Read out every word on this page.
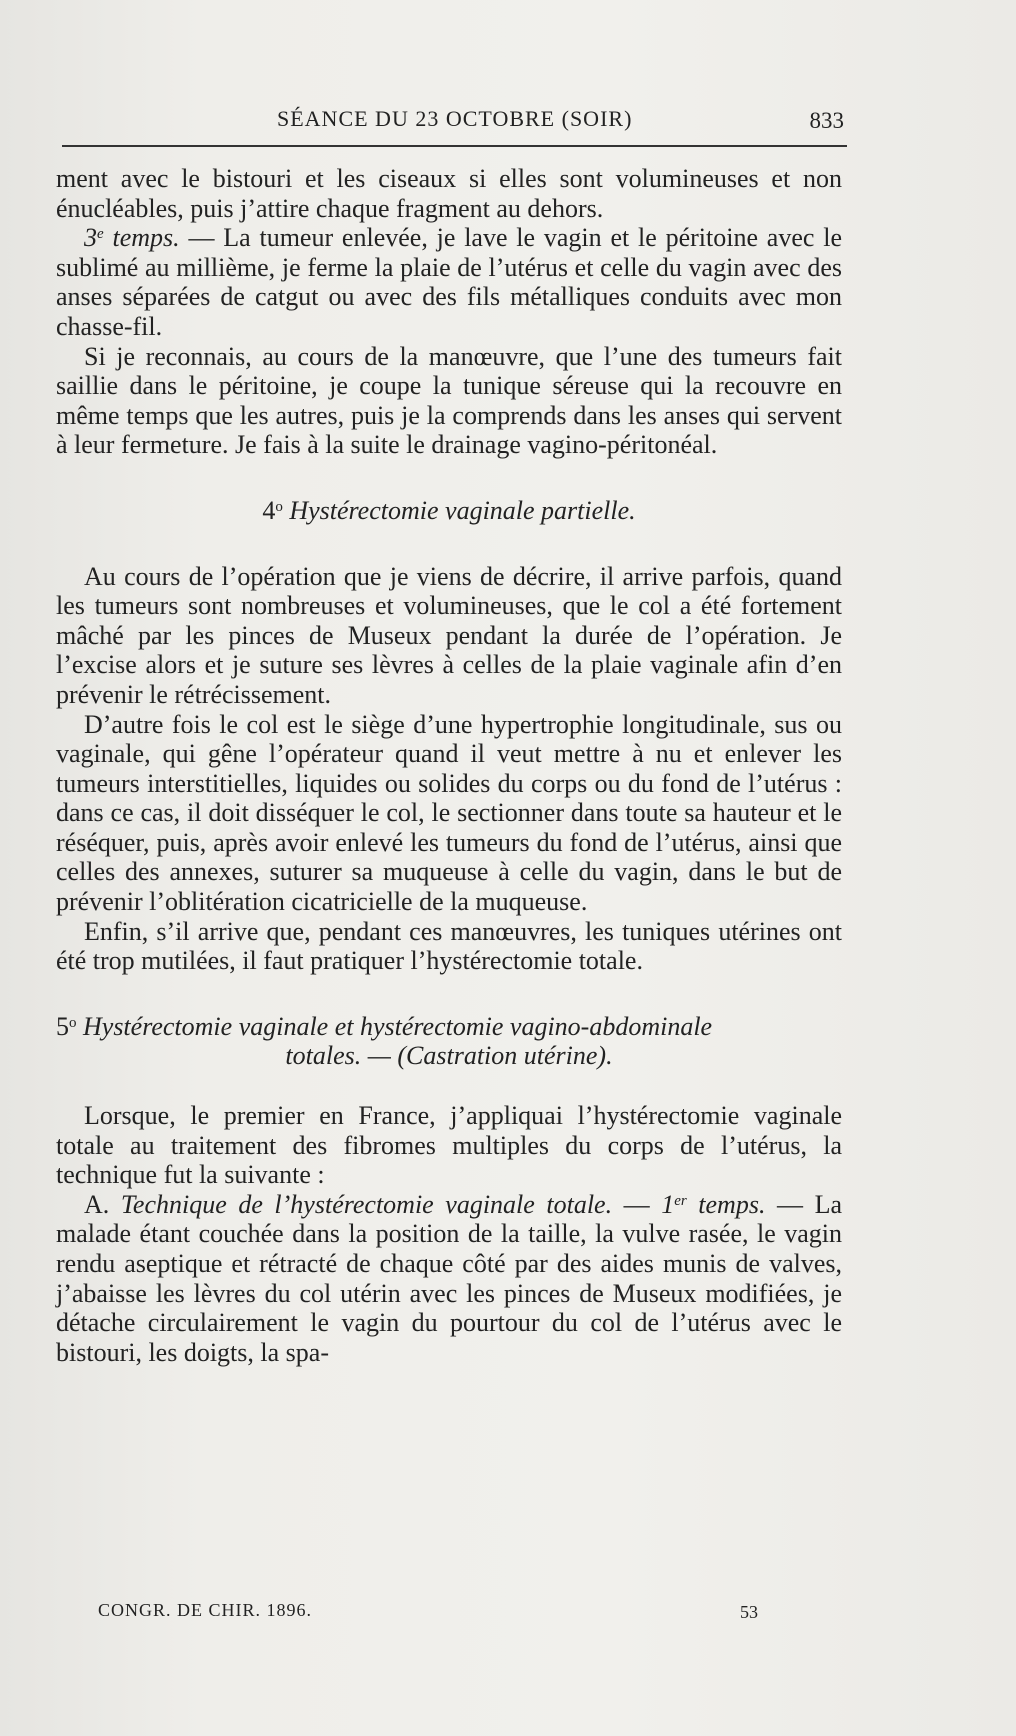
SÉANCE DU 23 OCTOBRE (SOIR)	833

ment avec le bistouri et les ciseaux si elles sont volumineuses et non énucléables, puis j’attire chaque fragment au dehors.

3e temps. — La tumeur enlevée, je lave le vagin et le péritoine avec le sublimé au millième, je ferme la plaie de l’utérus et celle du vagin avec des anses séparées de catgut ou avec des fils métalliques conduits avec mon chasse-fil.

Si je reconnais, au cours de la manœuvre, que l’une des tumeurs fait saillie dans le péritoine, je coupe la tunique séreuse qui la recouvre en même temps que les autres, puis je la comprends dans les anses qui servent à leur fermeture. Je fais à la suite le drainage vagino-péritonéal.

4$^o$ Hystérectomie vaginale partielle.

Au cours de l’opération que je viens de décrire, il arrive parfois, quand les tumeurs sont nombreuses et volumineuses, que le col a été fortement mâché par les pinces de Museux pendant la durée de l’opération. Je l’excise alors et je suture ses lèvres à celles de la plaie vaginale afin d’en prévenir le rétrécissement.

D’autre fois le col est le siège d’une hypertrophie longitudinale, sus ou vaginale, qui gêne l’opérateur quand il veut mettre à nu et enlever les tumeurs interstitielles, liquides ou solides du corps ou du fond de l’utérus : dans ce cas, il doit disséquer le col, le sectionner dans toute sa hauteur et le réséquer, puis, après avoir enlevé les tumeurs du fond de l’utérus, ainsi que celles des annexes, suturer sa muqueuse à celle du vagin, dans le but de prévenir l’oblitération cicatricielle de la muqueuse.

Enfin, s’il arrive que, pendant ces manœuvres, les tuniques utérines ont été trop mutilées, il faut pratiquer l’hystérectomie totale.

5$^o$ Hystérectomie vaginale et hystérectomie vagino-abdominale

totales. — (Castration utérine).

Lorsque, le premier en France, j’appliquai l’hystérectomie vaginale totale au traitement des fibromes multiples du corps de l’utérus, la technique fut la suivante :

A. Technique de l’hystérectomie vaginale totale. — 1er temps. — La malade étant couchée dans la position de la taille, la vulve rasée, le vagin rendu aseptique et rétracté de chaque côté par des aides munis de valves, j’abaisse les lèvres du col utérin avec les pinces de Museux modifiées, je détache circulairement le vagin du pourtour du col de l’utérus avec le bistouri, les doigts, la spa-

CONGR. DE CHIR. 1896.	53
